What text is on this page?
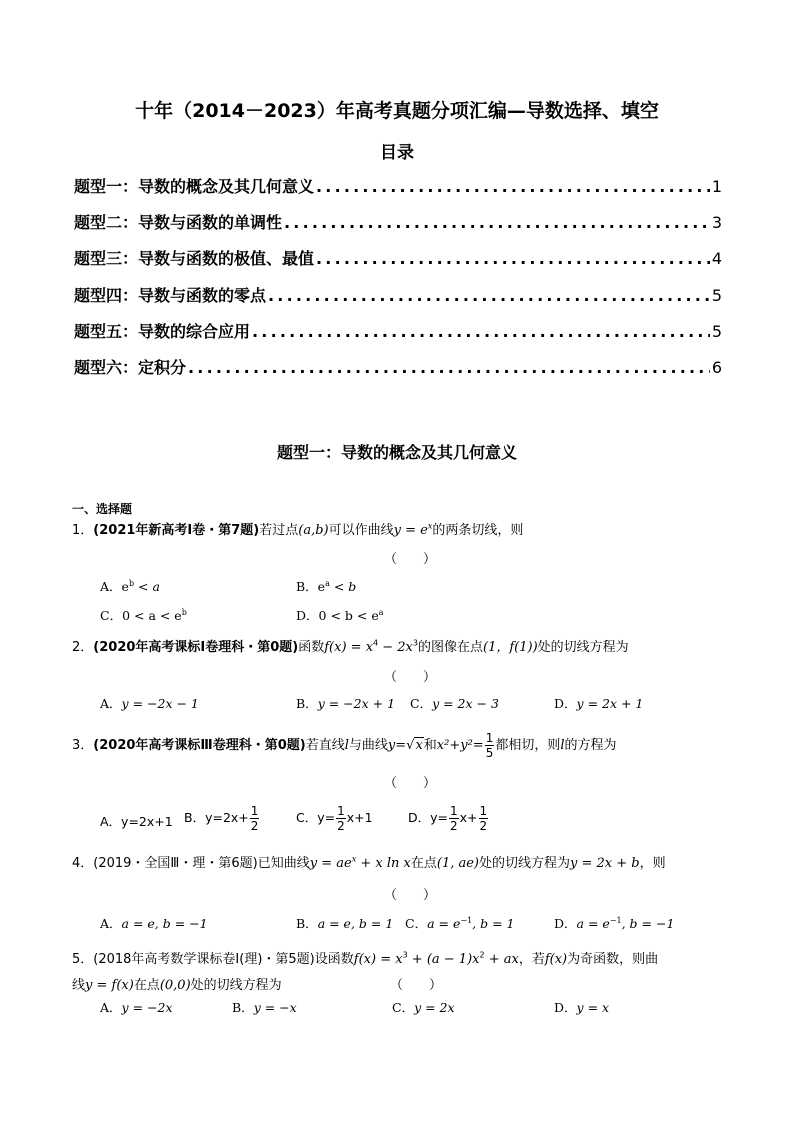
十年（2014－2023）年高考真题分项汇编—导数选择、填空
目录
题型一：导数的概念及其几何意义 .....	1
题型二：导数与函数的单调性 .....	3
题型三：导数与函数的极值、最值 .....	4
题型四：导数与函数的零点 .....	5
题型五：导数的综合应用 .....	5
题型六：定积分 .....	6
题型一：导数的概念及其几何意义
一、选择题
1．(2021年新高考Ⅰ卷・第7题)若过点(a,b)可以作曲线$y = e^x$的两条切线，则
（　　）
A．$e^b < a$	B．$e^a < b$
C．$0 < a < e^b$	D．$0 < b < e^a$
2．(2020年高考课标Ⅰ卷理科・第0题)函数$f(x) = x^4 - 2x^3$的图像在点(1，f(1))处的切线方程为
（　　）
A．y = −2x − 1	B．y = −2x + 1 C．y = 2x − 3	D．y = 2x + 1
3．(2020年高考课标Ⅲ卷理科・第0题)若直线l与曲线y=√x和$x^2+y^2= \frac{1}{5}$ 都相切，则l的方程为
（　　）
A．y=2x+1 B．$y=2x+ \frac{1}{2}$	C．$y= \frac{1}{2} x+1$	D．$y= \frac{1}{2} x+ \frac{1}{2}$
4．(2019・全国Ⅲ・理・第6题)已知曲线$y = ae^x + x$ ln x在点(1, ae)处的切线方程为y = 2x + b，则
（　　）
A．a = e, b = −1	B．a = e, b = 1 C．$a = e^{-1}$, b = 1	D．$a = e^{-1}$, b = −1
5．(2018年高考数学课标卷Ⅰ(理)・第5题)设函数$f(x) = x^3 + (a - 1)x^2$ + ax，若f(x)为奇函数，则曲
线y = f(x)在点(0,0)处的切线方程为	（　　）
A．y = −2x	B．y = −x	C．y = 2x	D．y = x
